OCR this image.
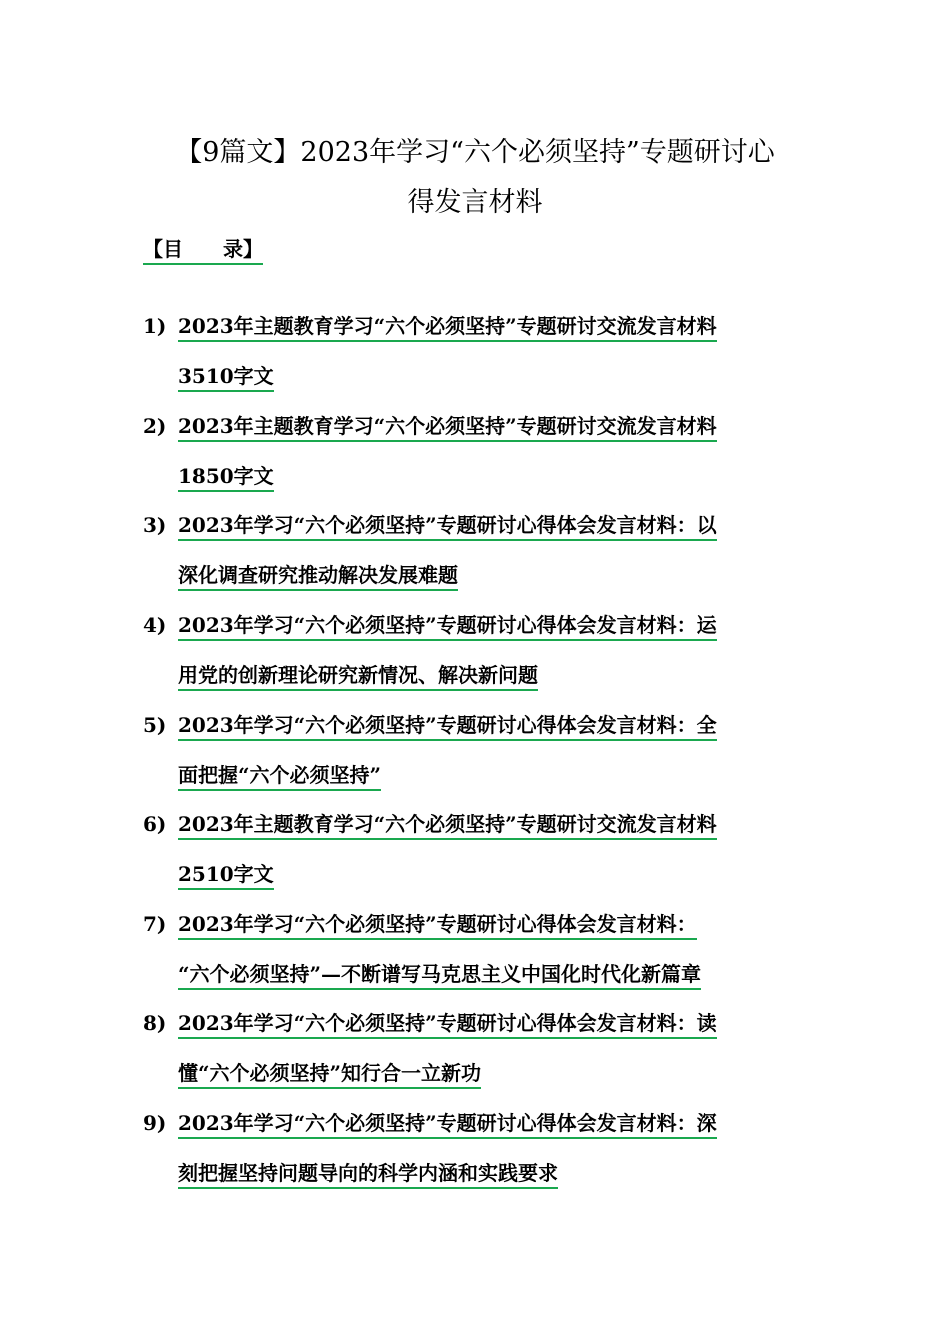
【9篇文】2023年学习“六个必须坚持”专题研讨心
得发言材料
【目　　录】
1) 2023年主题教育学习“六个必须坚持”专题研讨交流发言材料
3510字文
2) 2023年主题教育学习“六个必须坚持”专题研讨交流发言材料
1850字文
3) 2023年学习“六个必须坚持”专题研讨心得体会发言材料：以
深化调查研究推动解决发展难题
4) 2023年学习“六个必须坚持”专题研讨心得体会发言材料：运
用党的创新理论研究新情况、解决新问题
5) 2023年学习“六个必须坚持”专题研讨心得体会发言材料：全
面把握“六个必须坚持”
6) 2023年主题教育学习“六个必须坚持”专题研讨交流发言材料
2510字文
7) 2023年学习“六个必须坚持”专题研讨心得体会发言材料：
“六个必须坚持”—不断谱写马克思主义中国化时代化新篇章
8) 2023年学习“六个必须坚持”专题研讨心得体会发言材料：读
懂“六个必须坚持”知行合一立新功
9) 2023年学习“六个必须坚持”专题研讨心得体会发言材料：深
刻把握坚持问题导向的科学内涵和实践要求
